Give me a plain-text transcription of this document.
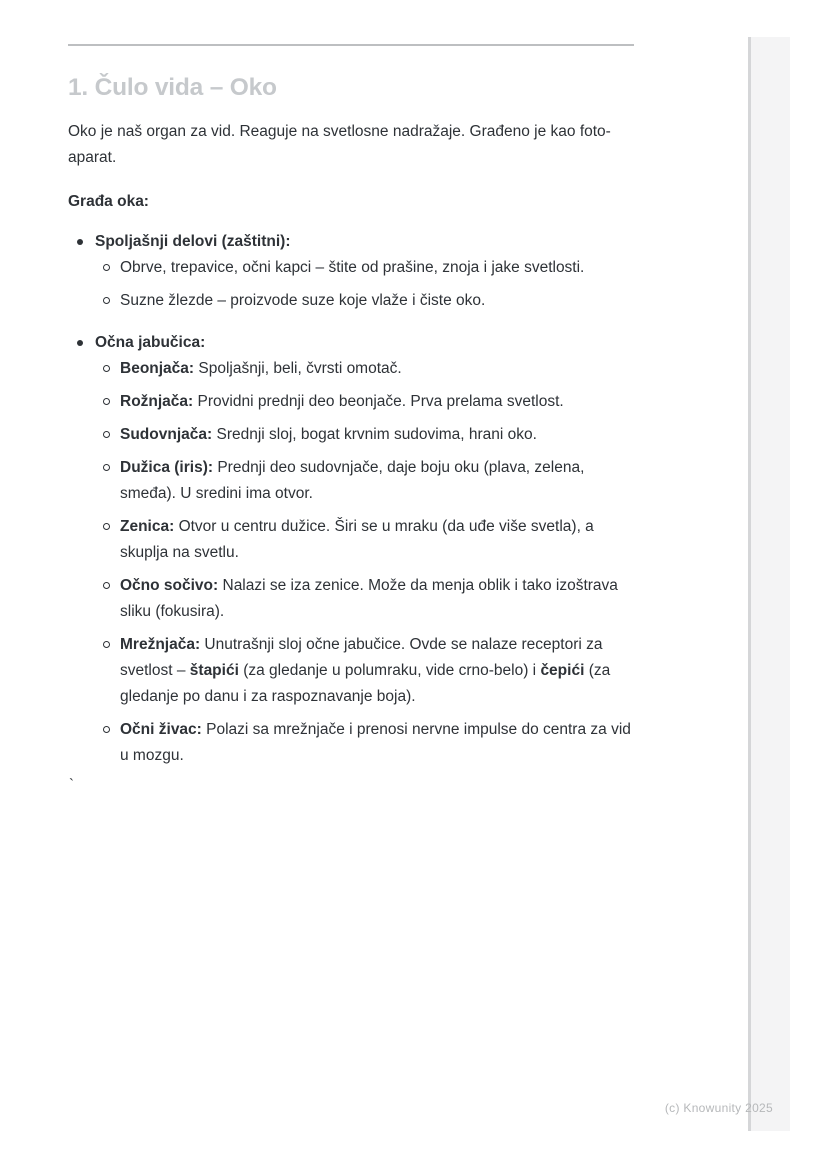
1. Čulo vida – Oko

Oko je naš organ za vid. Reaguje na svetlosne nadražaje. Građeno je kao foto-aparat.

Građa oka:
Spoljašnji delovi (zaštitni):
Obrve, trepavice, očni kapci – štite od prašine, znoja i jake svetlosti.
Suzne žlezde – proizvode suze koje vlaže i čiste oko.
Očna jabučica:
Beonjača: Spoljašnji, beli, čvrsti omotač.
Rožnjača: Providni prednji deo beonjače. Prva prelama svetlost.
Sudovnjača: Srednji sloj, bogat krvnim sudovima, hrani oko.
Dužica (iris): Prednji deo sudovnjače, daje boju oku (plava, zelena, smeđa). U sredini ima otvor.
Zenica: Otvor u centru dužice. Širi se u mraku (da uđe više svetla), a skuplja na svetlu.
Očno sočivo: Nalazi se iza zenice. Može da menja oblik i tako izoštrava sliku (fokusira).
Mrežnjača: Unutrašnji sloj očne jabučice. Ovde se nalaze receptori za svetlost – štapići (za gledanje u polumraku, vide crno-belo) i čepići (za gledanje po danu i za raspoznavanje boja).
Očni živac: Polazi sa mrežnjače i prenosi nervne impulse do centra za vid u mozgu.
`
(c) Knowunity 2025
